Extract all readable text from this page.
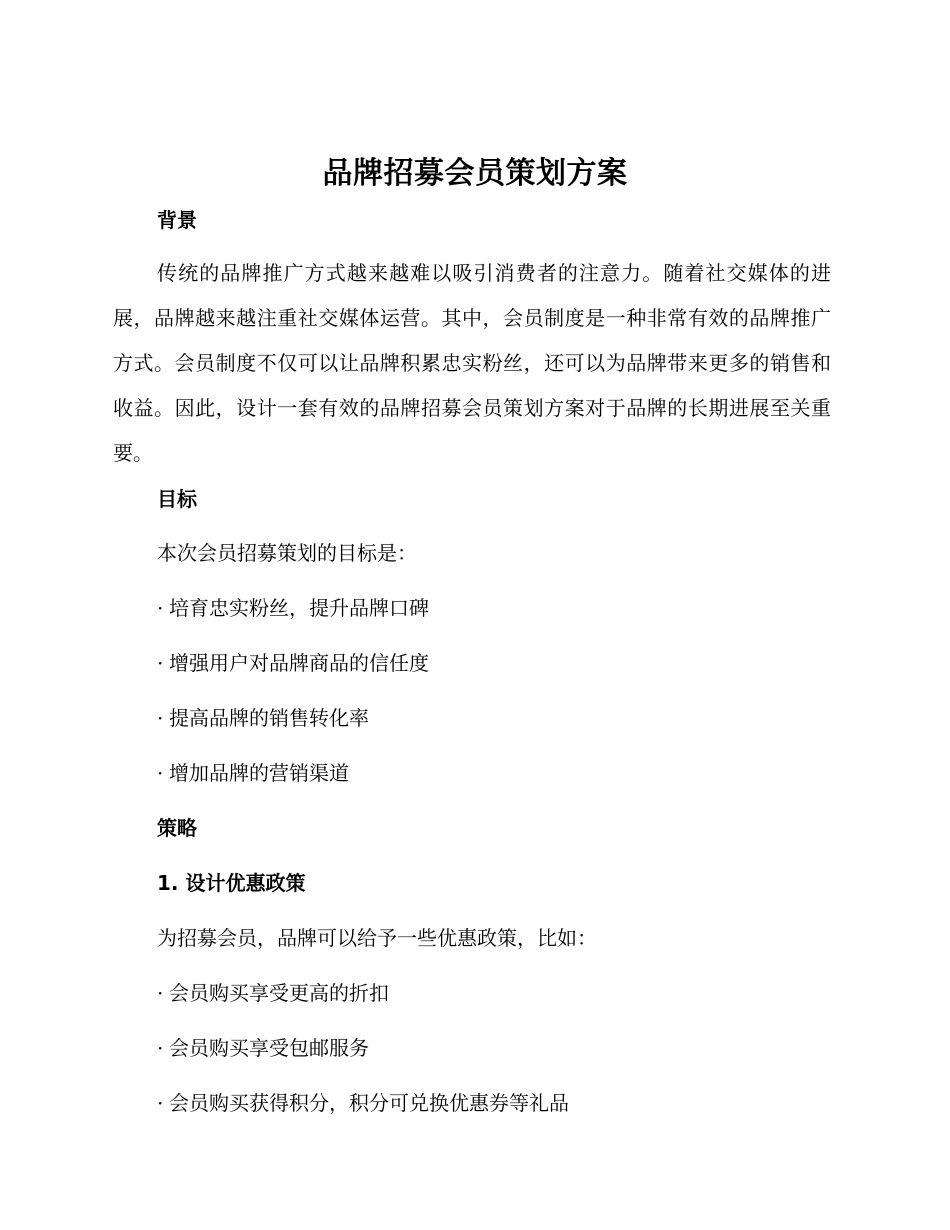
品牌招募会员策划方案
背景

传统的品牌推广方式越来越难以吸引消费者的注意力。随着社交媒体的进展，品牌越来越注重社交媒体运营。其中，会员制度是一种非常有效的品牌推广方式。会员制度不仅可以让品牌积累忠实粉丝，还可以为品牌带来更多的销售和收益。因此，设计一套有效的品牌招募会员策划方案对于品牌的长期进展至关重要。

目标
本次会员招募策划的目标是：
· 培育忠实粉丝，提升品牌口碑
· 增强用户对品牌商品的信任度
· 提高品牌的销售转化率
· 增加品牌的营销渠道
策略
1. 设计优惠政策
为招募会员，品牌可以给予一些优惠政策，比如：
· 会员购买享受更高的折扣
· 会员购买享受包邮服务
· 会员购买获得积分，积分可兑换优惠券等礼品
